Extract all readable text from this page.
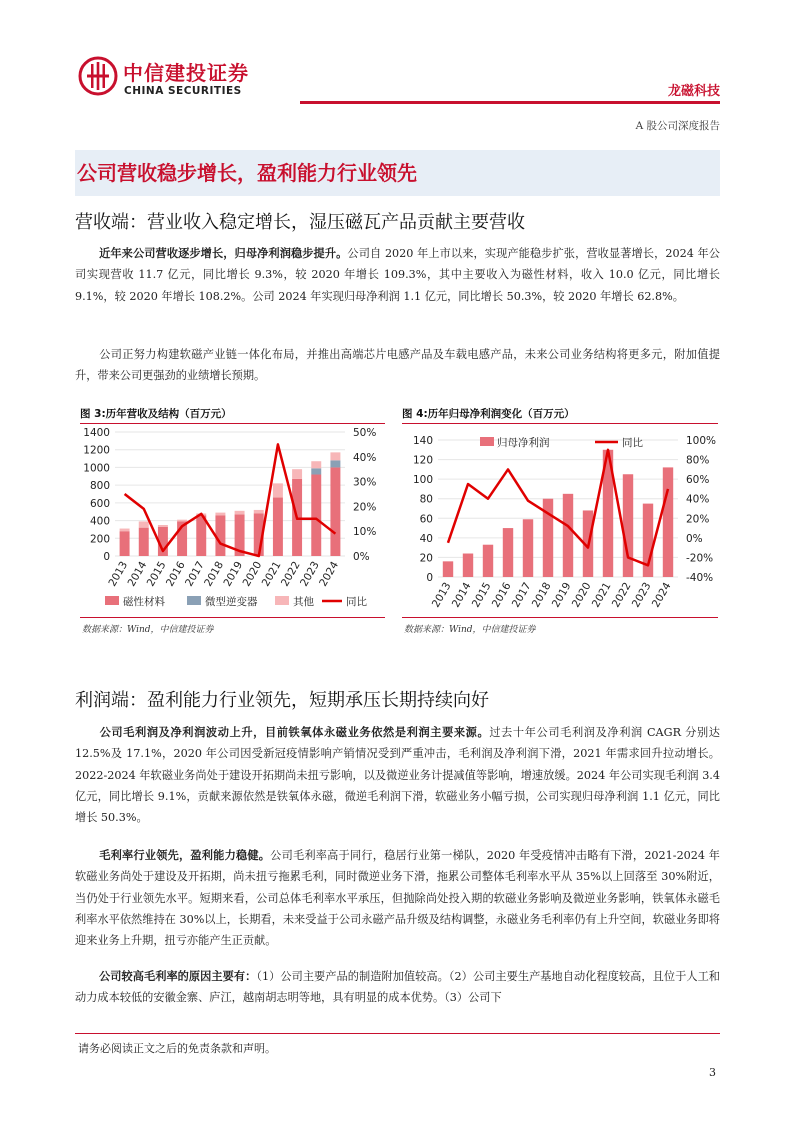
中信建投证券
CHINA SECURITIES	龙磁科技
A 股公司深度报告
公司营收稳步增长，盈利能力行业领先
营收端：营业收入稳定增长，湿压磁瓦产品贡献主要营收
近年来公司营收逐步增长，归母净利润稳步提升。公司自 2020 年上市以来，实现产能稳步扩张，营收显著增长，2024 年公司实现营收 11.7 亿元，同比增长 9.3%，较 2020 年增长 109.3%，其中主要收入为磁性材料，收入 10.0 亿元，同比增长 9.1%，较 2020 年增长 108.2%。公司 2024 年实现归母净利润 1.1 亿元，同比增长 50.3%，较 2020 年增长 62.8%。
公司正努力构建软磁产业链一体化布局，并推出高端芯片电感产品及车载电感产品，未来公司业务结构将更多元，附加值提升，带来公司更强劲的业绩增长预期。
图 3:历年营收及结构（百万元）
0
200
400
600
800
1000
1200
1400
0%
10%
20%
30%
40%
50%
2013
2014
2015
2016
2017
2018
2019
2020
2021
2022
2023
2024
磁性材料	微型逆变器	其他	同比
数据来源：Wind，中信建投证券
图 4:历年归母净利润变化（百万元）
0
20
40
60
80
100
120
140
-40%
-20%
0%
20%
40%
60%
80%
100%
2013
2014
2015
2016
2017
2018
2019
2020
2021
2022
2023
2024
归母净利润	同比
数据来源：Wind，中信建投证券
利润端：盈利能力行业领先，短期承压长期持续向好
公司毛利润及净利润波动上升，目前铁氧体永磁业务依然是利润主要来源。过去十年公司毛利润及净利润 CAGR 分别达 12.5%及 17.1%，2020 年公司因受新冠疫情影响产销情况受到严重冲击，毛利润及净利润下滑，2021 年需求回升拉动增长。2022-2024 年软磁业务尚处于建设开拓期尚未扭亏影响，以及微逆业务计提减值等影响，增速放缓。2024 年公司实现毛利润 3.4 亿元，同比增长 9.1%，贡献来源依然是铁氧体永磁，微逆毛利润下滑，软磁业务小幅亏损，公司实现归母净利润 1.1 亿元，同比增长 50.3%。
毛利率行业领先，盈利能力稳健。公司毛利率高于同行，稳居行业第一梯队，2020 年受疫情冲击略有下滑，2021-2024 年软磁业务尚处于建设及开拓期，尚未扭亏拖累毛利，同时微逆业务下滑，拖累公司整体毛利率水平从 35%以上回落至 30%附近，当仍处于行业领先水平。短期来看，公司总体毛利率水平承压，但抛除尚处投入期的软磁业务影响及微逆业务影响，铁氧体永磁毛利率水平依然维持在 30%以上，长期看，未来受益于公司永磁产品升级及结构调整，永磁业务毛利率仍有上升空间，软磁业务即将迎来业务上升期，扭亏亦能产生正贡献。
公司较高毛利率的原因主要有：（1）公司主要产品的制造附加值较高。（2）公司主要生产基地自动化程度较高，且位于人工和动力成本较低的安徽金寨、庐江，越南胡志明等地，具有明显的成本优势。（3）公司下
请务必阅读正文之后的免责条款和声明。
3
